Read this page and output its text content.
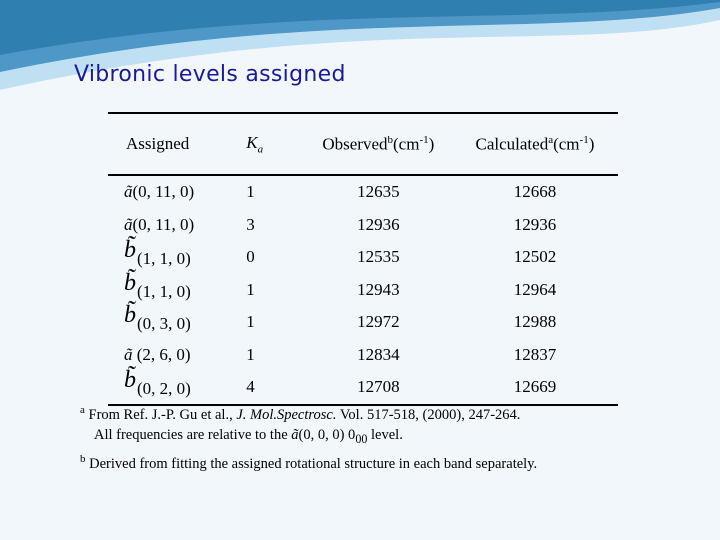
Vibronic levels assigned
Assigned	$K_a$	$Observed^b(cm^{-1})$	$Calculated^a(cm^{-1})$
ã(0, 11, 0)	1	12635	12668
ã(0, 11, 0)	3	12936	12936
b̃(1, 1, 0)	0	12535	12502
b̃(1, 1, 0)	1	12943	12964
b̃(0, 3, 0)	1	12972	12988
ã (2, 6, 0)	1	12834	12837
b̃(0, 2, 0)	4	12708	12669

$^a$ From Ref. J.-P. Gu et al., J. Mol.Spectrosc. Vol. 517-518, (2000), 247-264.

All frequencies are relative to the ã(0, 0, 0) $0_{00}$ level.

$^b$ Derived from fitting the assigned rotational structure in each band separately.
